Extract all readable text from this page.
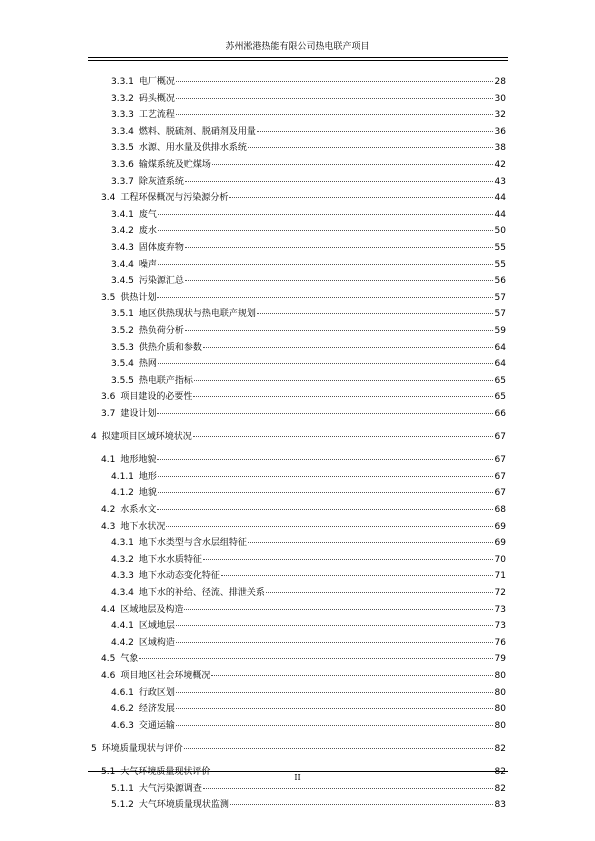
苏州淞港热能有限公司热电联产项目
3.3.1 电厂概况	28
3.3.2 码头概况	30
3.3.3 工艺流程	32
3.3.4 燃料、脱硫剂、脱硝剂及用量	36
3.3.5 水源、用水量及供排水系统	38
3.3.6 输煤系统及贮煤场	42
3.3.7 除灰渣系统	43
3.4 工程环保概况与污染源分析	44
3.4.1 废气	44
3.4.2 废水	50
3.4.3 固体废弃物	55
3.4.4 噪声	55
3.4.5 污染源汇总	56
3.5 供热计划	57
3.5.1 地区供热现状与热电联产规划	57
3.5.2 热负荷分析	59
3.5.3 供热介质和参数	64
3.5.4 热网	64
3.5.5 热电联产指标	65
3.6 项目建设的必要性	65
3.7 建设计划	66
4 拟建项目区域环境状况	67
4.1 地形地貌	67
4.1.1 地形	67
4.1.2 地貌	67
4.2 水系水文	68
4.3 地下水状况	69
4.3.1 地下水类型与含水层组特征	69
4.3.2 地下水水质特征	70
4.3.3 地下水动态变化特征	71
4.3.4 地下水的补给、径流、排泄关系	72
4.4 区域地层及构造	73
4.4.1 区域地层	73
4.4.2 区域构造	76
4.5 气象	79
4.6 项目地区社会环境概况	80
4.6.1 行政区划	80
4.6.2 经济发展	80
4.6.3 交通运输	80
5 环境质量现状与评价	82
5.1 大气环境质量现状评价	82
5.1.1 大气污染源调查	82
5.1.2 大气环境质量现状监测	83
II
